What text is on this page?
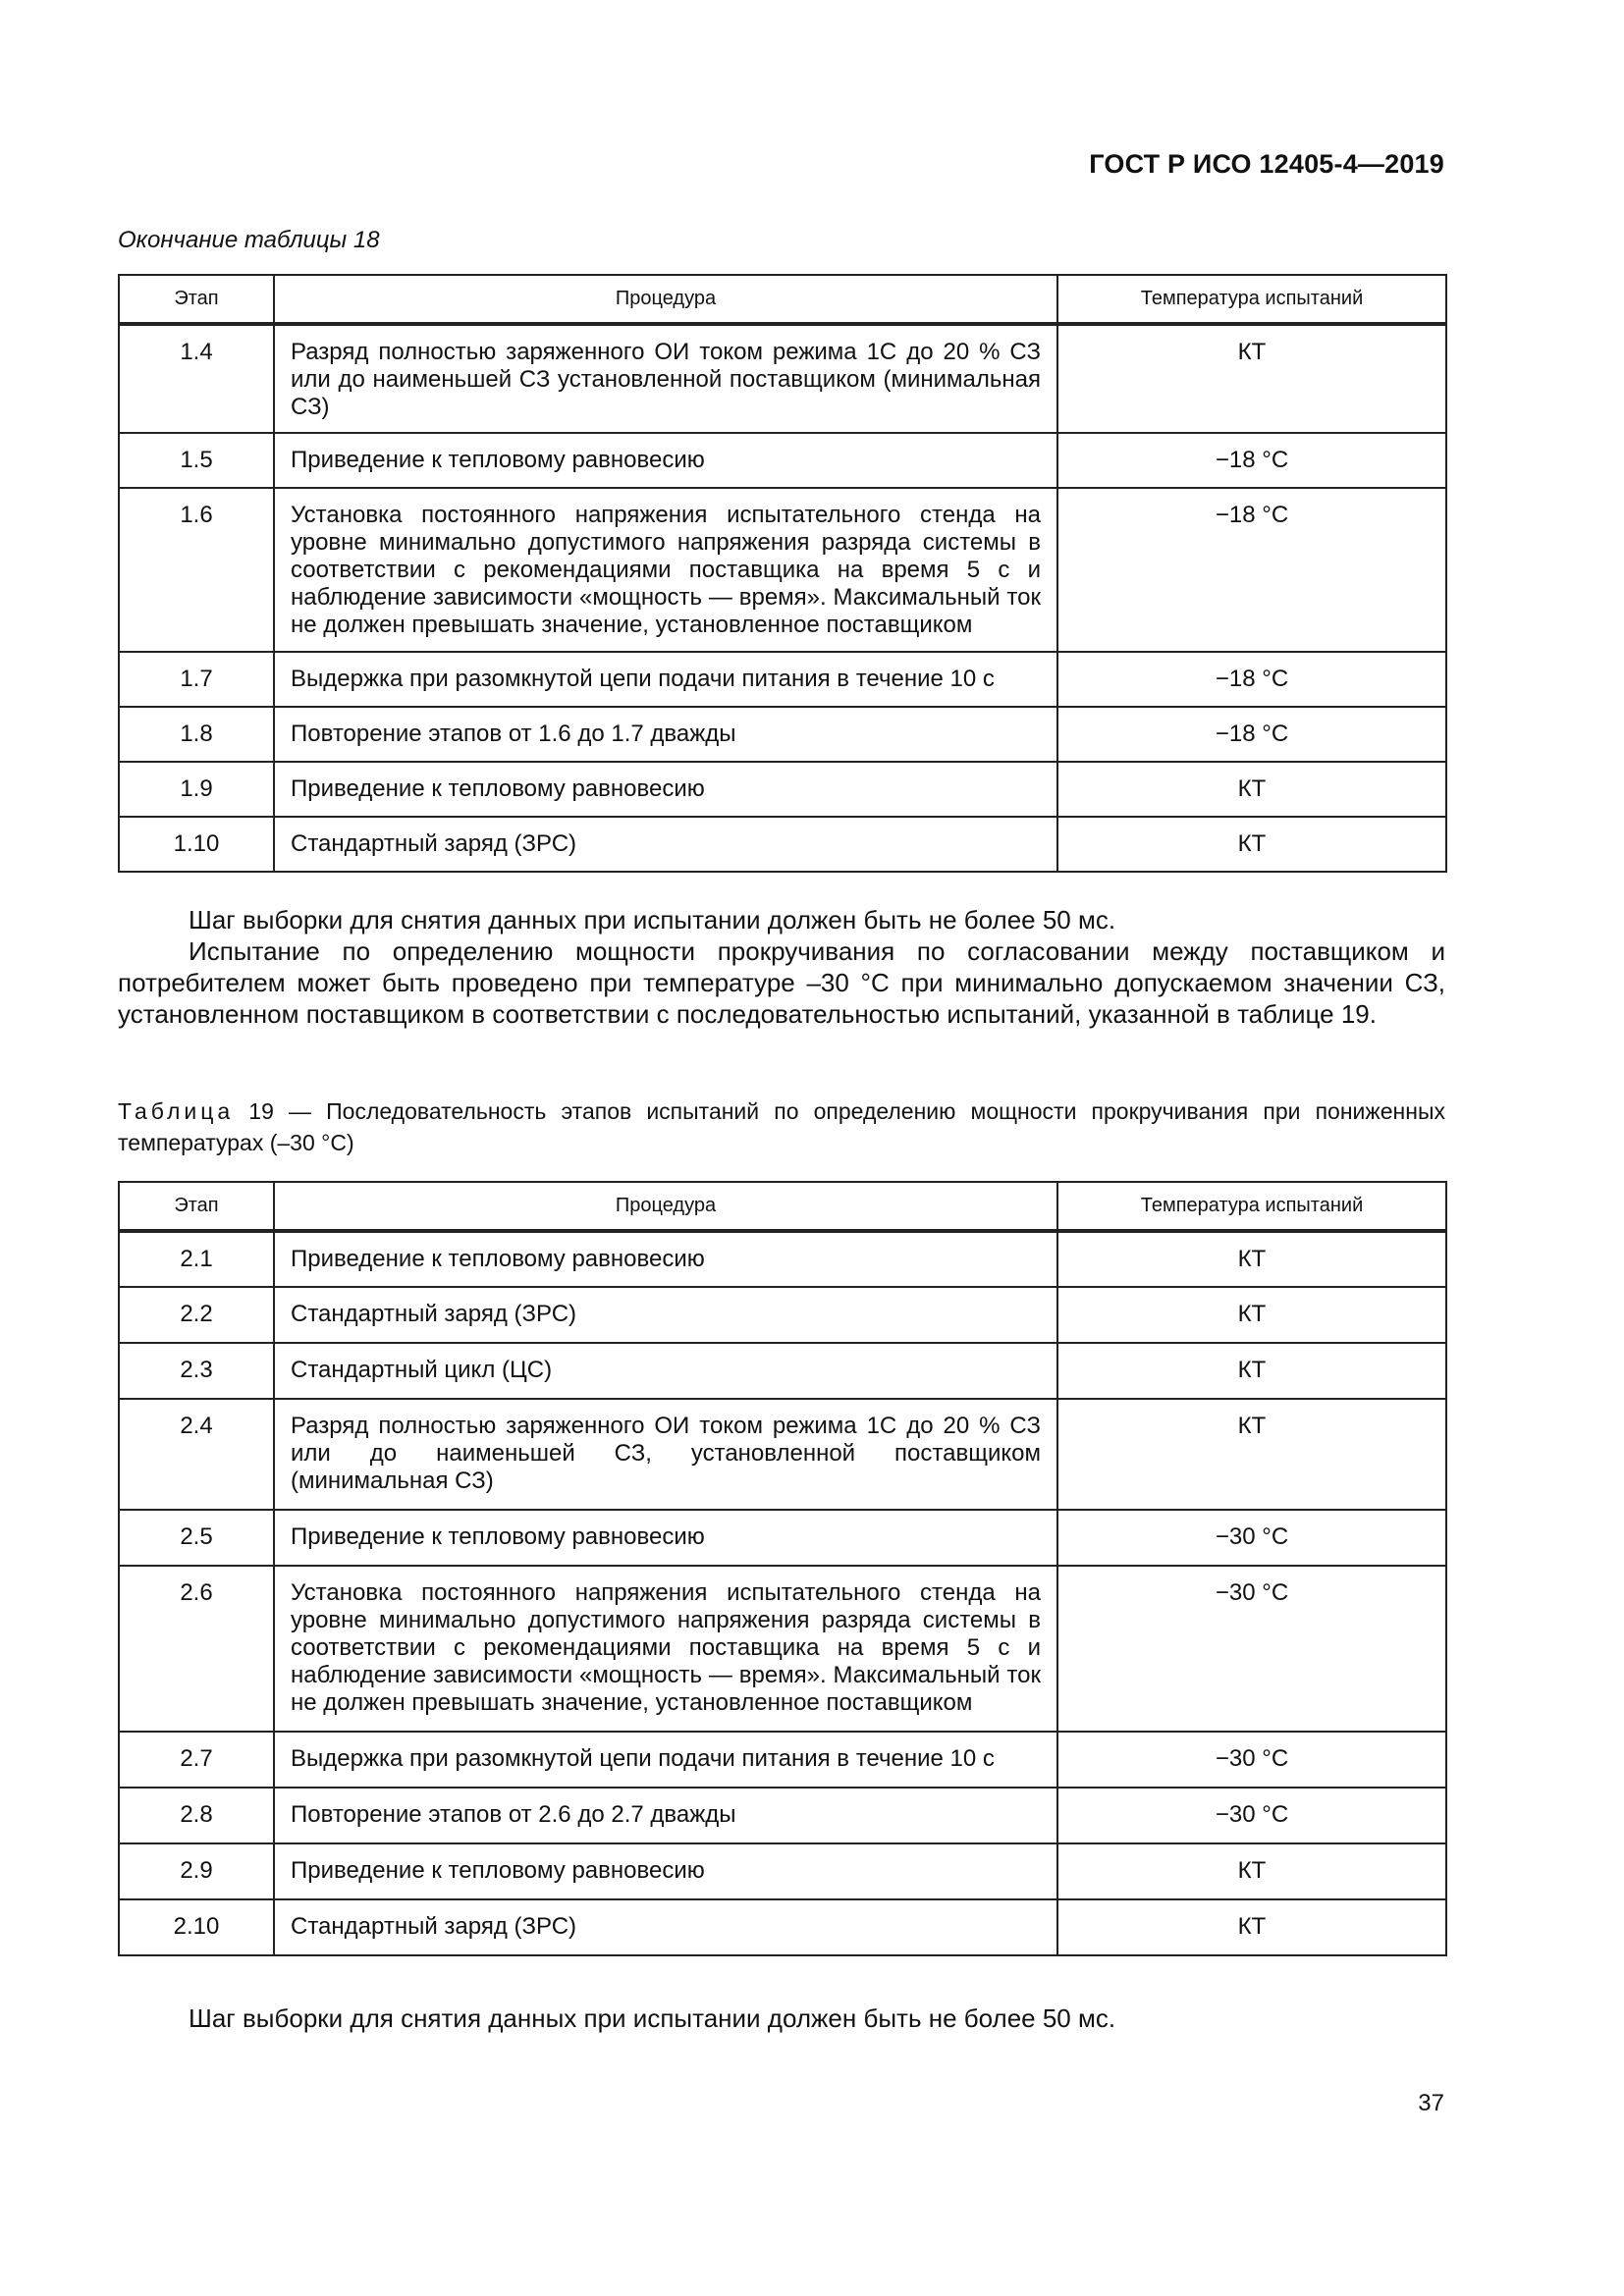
ГОСТ Р ИСО 12405-4—2019
Окончание таблицы 18
Этап	Процедура	Температура испытаний
1.4	Разряд полностью заряженного ОИ током режима 1С до 20 % СЗ или до наименьшей СЗ установленной поставщиком (минимальная СЗ)	КТ
1.5	Приведение к тепловому равновесию	−18 °С
1.6	Установка постоянного напряжения испытательного стенда на уровне минимально допустимого напряжения разряда системы в соответствии с рекомендациями поставщика на время 5 с и наблюдение зависимости «мощность — время». Максимальный ток не должен превышать значение, установленное поставщиком	−18 °С
1.7	Выдержка при разомкнутой цепи подачи питания в течение 10 с	−18 °С
1.8	Повторение этапов от 1.6 до 1.7 дважды	−18 °С
1.9	Приведение к тепловому равновесию	КТ
1.10	Стандартный заряд (ЗРС)	КТ

Шаг выборки для снятия данных при испытании должен быть не более 50 мс.

Испытание по определению мощности прокручивания по согласовании между поставщиком и потребителем может быть проведено при температуре –30 °С при минимально допускаемом значении СЗ, установленном поставщиком в соответствии с последовательностью испытаний, указанной в таблице 19.

Таблица 19 — Последовательность этапов испытаний по определению мощности прокручивания при пониженных температурах (–30 °С)
Этап	Процедура	Температура испытаний
2.1	Приведение к тепловому равновесию	КТ
2.2	Стандартный заряд (ЗРС)	КТ
2.3	Стандартный цикл (ЦС)	КТ
2.4	Разряд полностью заряженного ОИ током режима 1С до 20 % СЗ или до наименьшей СЗ, установленной поставщиком (минимальная СЗ)	КТ
2.5	Приведение к тепловому равновесию	−30 °С
2.6	Установка постоянного напряжения испытательного стенда на уровне минимально допустимого напряжения разряда системы в соответствии с рекомендациями поставщика на время 5 с и наблюдение зависимости «мощность — время». Максимальный ток не должен превышать значение, установленное поставщиком	−30 °С
2.7	Выдержка при разомкнутой цепи подачи питания в течение 10 с	−30 °С
2.8	Повторение этапов от 2.6 до 2.7 дважды	−30 °С
2.9	Приведение к тепловому равновесию	КТ
2.10	Стандартный заряд (ЗРС)	КТ

Шаг выборки для снятия данных при испытании должен быть не более 50 мс.

37
